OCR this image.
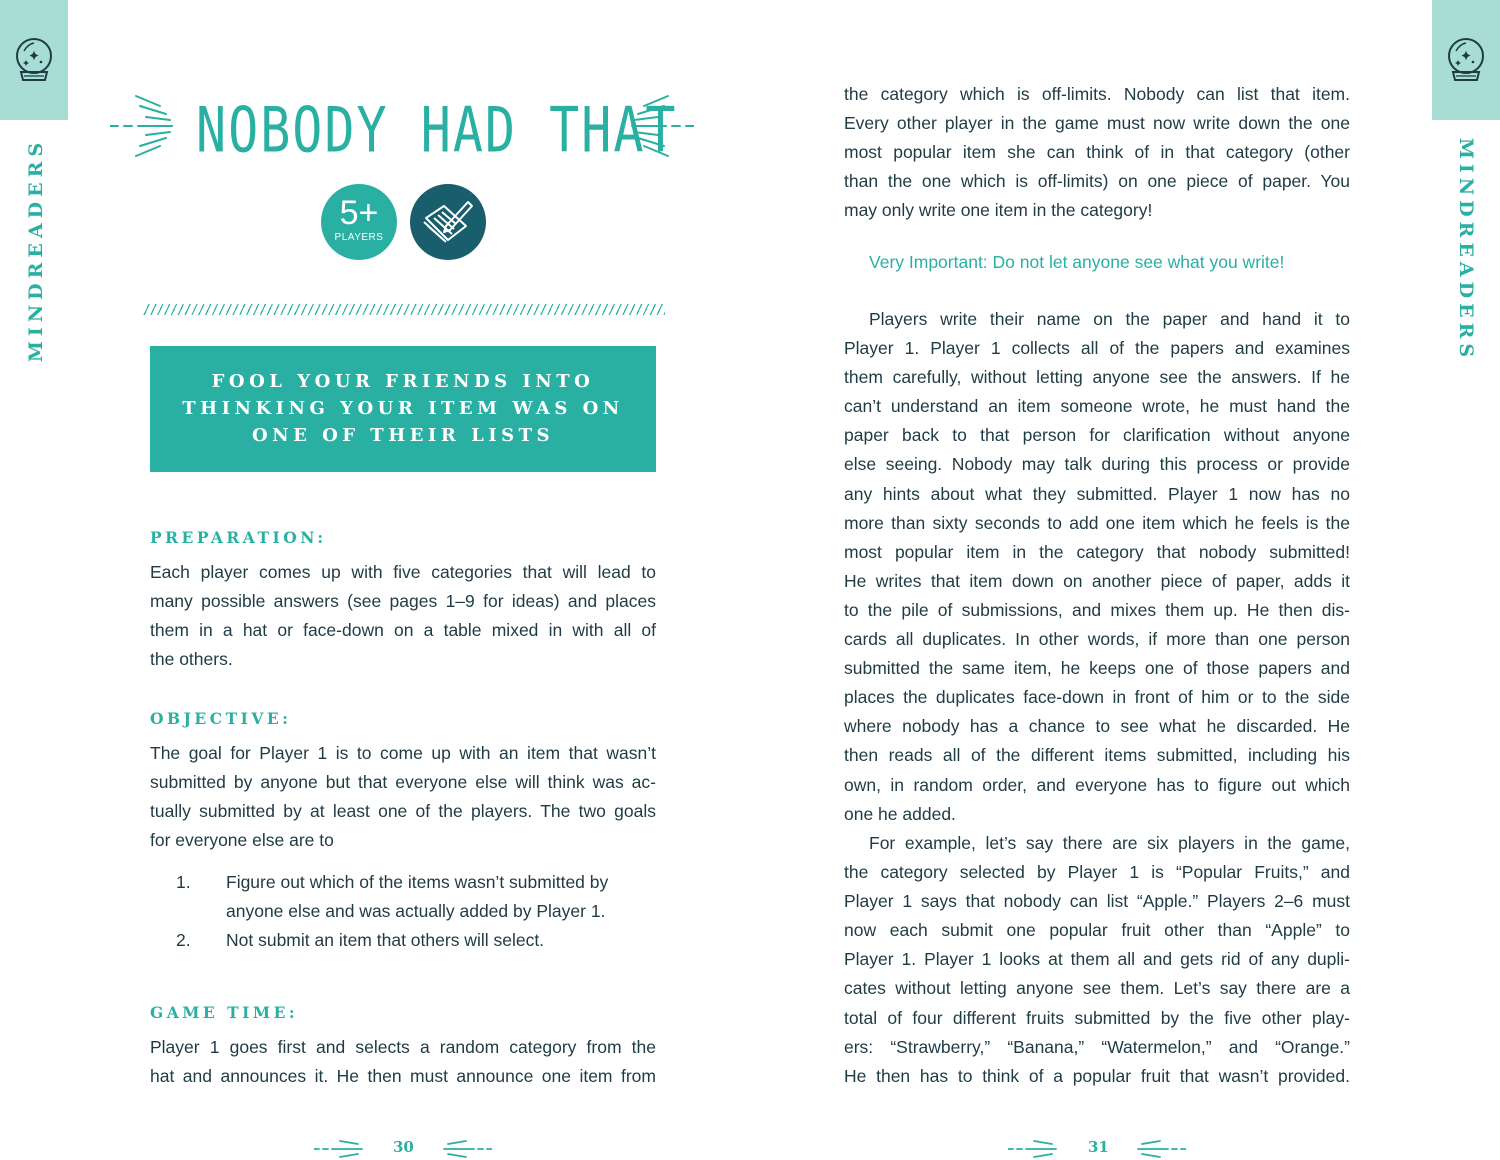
MINDREADERS	MINDREADERS
NOBODY HAD THAT
5+
PLAYERS
FOOL YOUR FRIENDS INTO
THINKING YOUR ITEM WAS ON
ONE OF THEIR LISTS
PREPARATION:
Each player comes up with five categories that will lead to
many possible answers (see pages 1–9 for ideas) and places
them in a hat or face-down on a table mixed in with all of
the others.
OBJECTIVE:
The goal for Player 1 is to come up with an item that wasn’t
submitted by anyone but that everyone else will think was ac-
tually submitted by at least one of the players. The two goals
for everyone else are to
1.	Figure out which of the items wasn’t submitted by
anyone else and was actually added by Player 1.
2.	Not submit an item that others will select.
GAME TIME:
Player 1 goes first and selects a random category from the
hat and announces it. He then must announce one item from
the category which is off-limits. Nobody can list that item.
Every other player in the game must now write down the one
most popular item she can think of in that category (other
than the one which is off-limits) on one piece of paper. You
may only write one item in the category!
Very Important: Do not let anyone see what you write!
Players write their name on the paper and hand it to
Player 1. Player 1 collects all of the papers and examines
them carefully, without letting anyone see the answers. If he
can’t understand an item someone wrote, he must hand the
paper back to that person for clarification without anyone
else seeing. Nobody may talk during this process or provide
any hints about what they submitted. Player 1 now has no
more than sixty seconds to add one item which he feels is the
most popular item in the category that nobody submitted!
He writes that item down on another piece of paper, adds it
to the pile of submissions, and mixes them up. He then dis-
cards all duplicates. In other words, if more than one person
submitted the same item, he keeps one of those papers and
places the duplicates face-down in front of him or to the side
where nobody has a chance to see what he discarded. He
then reads all of the different items submitted, including his
own, in random order, and everyone has to figure out which
one he added.
For example, let’s say there are six players in the game,
the category selected by Player 1 is “Popular Fruits,” and
Player 1 says that nobody can list “Apple.” Players 2–6 must
now each submit one popular fruit other than “Apple” to
Player 1. Player 1 looks at them all and gets rid of any dupli-
cates without letting anyone see them. Let’s say there are a
total of four different fruits submitted by the five other play-
ers: “Strawberry,” “Banana,” “Watermelon,” and “Orange.”
He then has to think of a popular fruit that wasn’t provided.
30	31
